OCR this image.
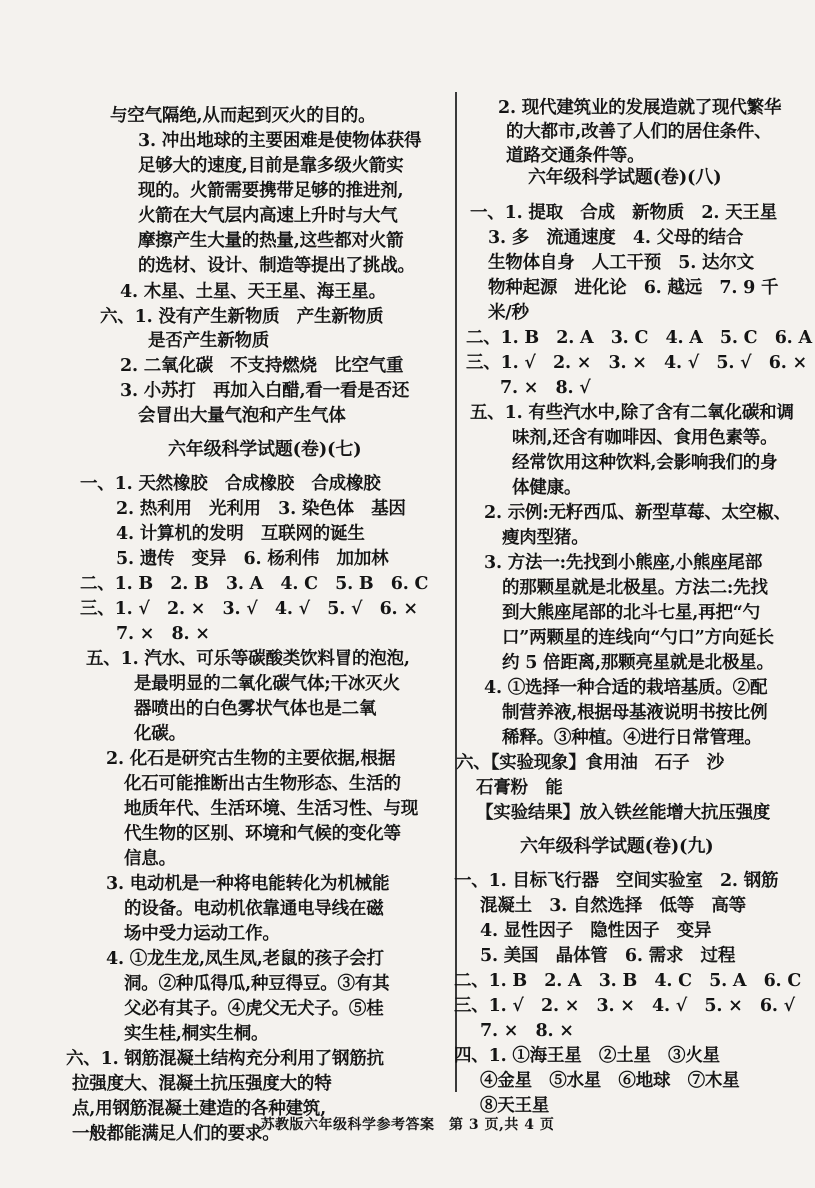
与空气隔绝,从而起到灭火的目的。
3. 冲出地球的主要困难是使物体获得
足够大的速度,目前是靠多级火箭实
现的。火箭需要携带足够的推进剂,
火箭在大气层内高速上升时与大气
摩擦产生大量的热量,这些都对火箭
的选材、设计、制造等提出了挑战。
4. 木星、土星、天王星、海王星。
六、1. 没有产生新物质　产生新物质
是否产生新物质
2. 二氧化碳　不支持燃烧　比空气重
3. 小苏打　再加入白醋,看一看是否还
会冒出大量气泡和产生气体
六年级科学试题(卷)(七)
一、1. 天然橡胶　合成橡胶　合成橡胶
2. 热利用　光利用　3. 染色体　基因
4. 计算机的发明　互联网的诞生
5. 遗传　变异　6. 杨利伟　加加林
二、1. B　2. B　3. A　4. C　5. B　6. C
三、1. √　2. ×　3. √　4. √　5. √　6. ×
7. ×　8. ×
五、1. 汽水、可乐等碳酸类饮料冒的泡泡,
是最明显的二氧化碳气体;干冰灭火
器喷出的白色雾状气体也是二氧
化碳。
2. 化石是研究古生物的主要依据,根据
化石可能推断出古生物形态、生活的
地质年代、生活环境、生活习性、与现
代生物的区别、环境和气候的变化等
信息。
3. 电动机是一种将电能转化为机械能
的设备。电动机依靠通电导线在磁
场中受力运动工作。
4. ①龙生龙,凤生凤,老鼠的孩子会打
洞。②种瓜得瓜,种豆得豆。③有其
父必有其子。④虎父无犬子。⑤桂
实生桂,桐实生桐。
六、1. 钢筋混凝土结构充分利用了钢筋抗
拉强度大、混凝土抗压强度大的特
点,用钢筋混凝土建造的各种建筑,
一般都能满足人们的要求。
2. 现代建筑业的发展造就了现代繁华
的大都市,改善了人们的居住条件、
道路交通条件等。
六年级科学试题(卷)(八)
一、1. 提取　合成　新物质　2. 天王星
3. 多　流通速度　4. 父母的结合
生物体自身　人工干预　5. 达尔文
物种起源　进化论　6. 越远　7. 9 千
米/秒
二、1. B　2. A　3. C　4. A　5. C　6. A
三、1. √　2. ×　3. ×　4. √　5. √　6. ×
7. ×　8. √
五、1. 有些汽水中,除了含有二氧化碳和调
味剂,还含有咖啡因、食用色素等。
经常饮用这种饮料,会影响我们的身
体健康。
2. 示例:无籽西瓜、新型草莓、太空椒、
瘦肉型猪。
3. 方法一:先找到小熊座,小熊座尾部
的那颗星就是北极星。方法二:先找
到大熊座尾部的北斗七星,再把“勺
口”两颗星的连线向“勺口”方向延长
约 5 倍距离,那颗亮星就是北极星。
4. ①选择一种合适的栽培基质。②配
制营养液,根据母基液说明书按比例
稀释。③种植。④进行日常管理。
六、【实验现象】食用油　石子　沙
石膏粉　能
【实验结果】放入铁丝能增大抗压强度
六年级科学试题(卷)(九)
一、1. 目标飞行器　空间实验室　2. 钢筋
混凝土　3. 自然选择　低等　高等
4. 显性因子　隐性因子　变异
5. 美国　晶体管　6. 需求　过程
二、1. B　2. A　3. B　4. C　5. A　6. C
三、1. √　2. ×　3. ×　4. √　5. ×　6. √
7. ×　8. ×
四、1. ①海王星　②土星　③火星
④金星　⑤水星　⑥地球　⑦木星
⑧天王星
苏教版六年级科学参考答案　第 3 页,共 4 页
